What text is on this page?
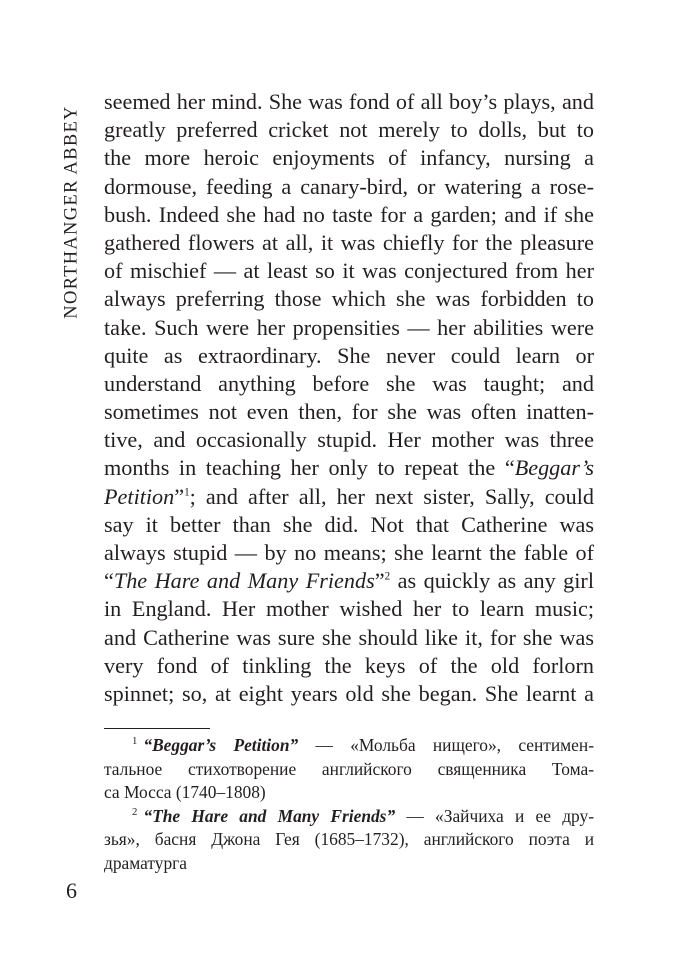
NORTHANGER ABBEY
seemed her mind. She was fond of all boy’s plays, and
greatly preferred cricket not merely to dolls, but to
the more heroic enjoyments of infancy, nursing a
dormouse, feeding a canary-bird, or watering a rose-
bush. Indeed she had no taste for a garden; and if she
gathered flowers at all, it was chiefly for the pleasure
of mischief — at least so it was conjectured from her
always preferring those which she was forbidden to
take. Such were her propensities — her abilities were
quite as extraordinary. She never could learn or
understand anything before she was taught; and
sometimes not even then, for she was often inatten-
tive, and occasionally stupid. Her mother was three
months in teaching her only to repeat the “Beggar’s
Petition”$^1$; and after all, her next sister, Sally, could
say it better than she did. Not that Catherine was
always stupid — by no means; she learnt the fable of
“The Hare and Many Friends”$^2$ as quickly as any girl
in England. Her mother wished her to learn music;
and Catherine was sure she should like it, for she was
very fond of tinkling the keys of the old forlorn
spinnet; so, at eight years old she began. She learnt a
$^1$ “Beggar’s Petition” — «Мольба нищего», сентимен-
тальное стихотворение английского священника Тома-
са Мосса (1740–1808)
$^2$ “The Hare and Many Friends” — «Зайчиха и ее дру-
зья», басня Джона Гея (1685–1732), английского поэта и
драматурга
6
